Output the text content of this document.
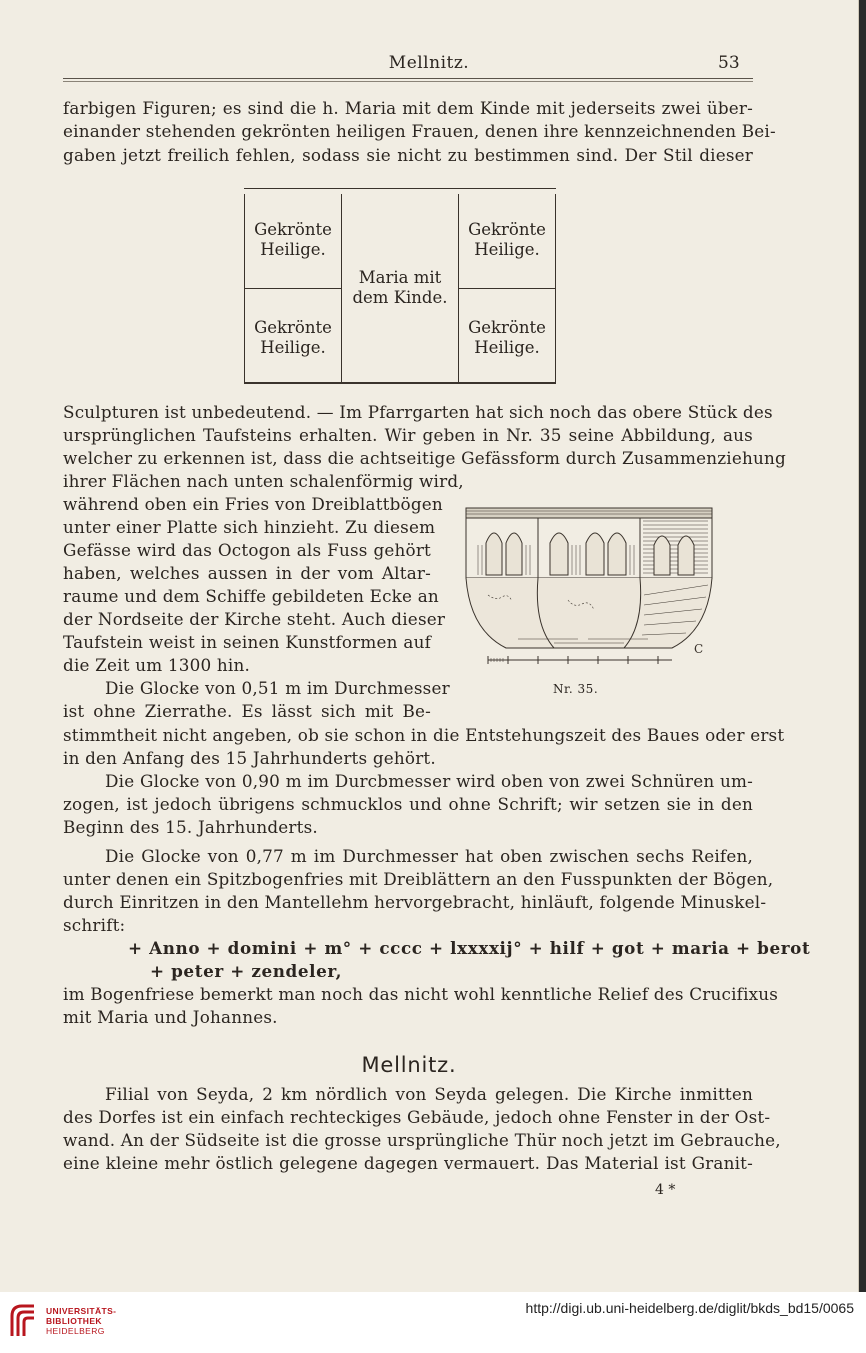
Mellnitz.	53
farbigen Figuren; es sind die h. Maria mit dem Kinde mit jederseits zwei über-
einander stehenden gekrönten heiligen Frauen, denen ihre kennzeichnenden Bei-
gaben jetzt freilich fehlen, sodass sie nicht zu bestimmen sind. Der Stil dieser
Gekrönte
Heilige.
Gekrönte
Heilige.
Maria mit
dem Kinde.
Gekrönte
Heilige.
Gekrönte
Heilige.
Sculpturen ist unbedeutend. — Im Pfarrgarten hat sich noch das obere Stück des
ursprünglichen Taufsteins erhalten. Wir geben in Nr. 35 seine Abbildung, aus
welcher zu erkennen ist, dass die achtseitige Gefässform durch Zusammenziehung
ihrer Flächen nach unten schalenförmig wird,
während oben ein Fries von Dreiblattbögen
unter einer Platte sich hinzieht. Zu diesem
Gefässe wird das Octogon als Fuss gehört
haben, welches aussen in der vom Altar-
raume und dem Schiffe gebildeten Ecke an
der Nordseite der Kirche steht. Auch dieser
Taufstein weist in seinen Kunstformen auf
die Zeit um 1300 hin.
Die Glocke von 0,51 m im Durchmesser
ist ohne Zierrathe. Es lässt sich mit Be-
stimmtheit nicht angeben, ob sie schon in die Entstehungszeit des Baues oder erst
in den Anfang des 15 Jahrhunderts gehört.
C
Nr. 35.
Die Glocke von 0,90 m im Durcbmesser wird oben von zwei Schnüren um-
zogen, ist jedoch übrigens schmucklos und ohne Schrift; wir setzen sie in den
Beginn des 15. Jahrhunderts.
Die Glocke von 0,77 m im Durchmesser hat oben zwischen sechs Reifen,
unter denen ein Spitzbogenfries mit Dreiblättern an den Fusspunkten der Bögen,
durch Einritzen in den Mantellehm hervorgebracht, hinläuft, folgende Minuskel-
schrift:
+ Anno + domini + m° + cccc + lxxxxij° + hilf + got + maria + berot
+ peter + zendeler,
im Bogenfriese bemerkt man noch das nicht wohl kenntliche Relief des Crucifixus
mit Maria und Johannes.
Mellnitz.
Filial von Seyda, 2 km nördlich von Seyda gelegen. Die Kirche inmitten
des Dorfes ist ein einfach rechteckiges Gebäude, jedoch ohne Fenster in der Ost-
wand. An der Südseite ist die grosse ursprüngliche Thür noch jetzt im Gebrauche,
eine kleine mehr östlich gelegene dagegen vermauert. Das Material ist Granit-
4 *
UNIVERSITÄTS-
BIBLIOTHEK
HEIDELBERG
http://digi.ub.uni-heidelberg.de/diglit/bkds_bd15/0065
